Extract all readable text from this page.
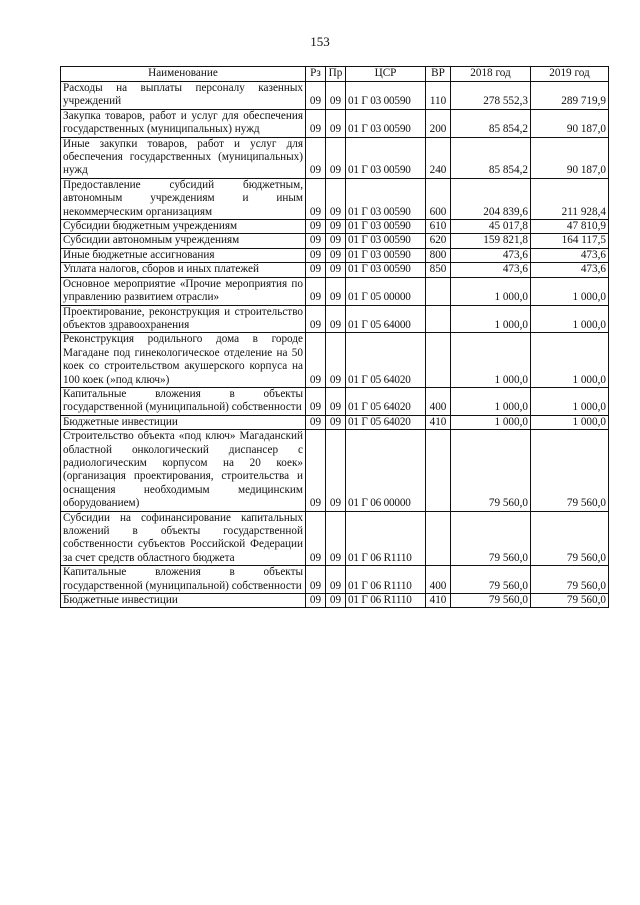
153
Наименование	Рз	Пр	ЦСР	ВР	2018 год	2019 год
Расходы на выплаты персоналу казенных учреждений	09	09	01 Г 03 00590	110	278 552,3	289 719,9
Закупка товаров, работ и услуг для обеспечения государственных (муниципальных) нужд	09	09	01 Г 03 00590	200	85 854,2	90 187,0
Иные закупки товаров, работ и услуг для обеспечения государственных (муниципальных) нужд	09	09	01 Г 03 00590	240	85 854,2	90 187,0
Предоставление субсидий бюджетным, автономным учреждениям и иным некоммерческим организациям	09	09	01 Г 03 00590	600	204 839,6	211 928,4
Субсидии бюджетным учреждениям	09	09	01 Г 03 00590	610	45 017,8	47 810,9
Субсидии автономным учреждениям	09	09	01 Г 03 00590	620	159 821,8	164 117,5
Иные бюджетные ассигнования	09	09	01 Г 03 00590	800	473,6	473,6
Уплата налогов, сборов и иных платежей	09	09	01 Г 03 00590	850	473,6	473,6
Основное мероприятие «Прочие мероприятия по управлению развитием отрасли»	09	09	01 Г 05 00000		1 000,0	1 000,0
Проектирование, реконструкция и строительство объектов здравоохранения	09	09	01 Г 05 64000		1 000,0	1 000,0
Реконструкция родильного дома в городе Магадане под гинекологическое отделение на 50 коек со строительством акушерского корпуса на 100 коек (»под ключ»)	09	09	01 Г 05 64020		1 000,0	1 000,0
Капитальные вложения в объекты государственной (муниципальной) собственности	09	09	01 Г 05 64020	400	1 000,0	1 000,0
Бюджетные инвестиции	09	09	01 Г 05 64020	410	1 000,0	1 000,0
Строительство объекта «под ключ» Магаданский областной онкологический диспансер с радиологическим корпусом на 20 коек» (организация проектирования, строительства и оснащения необходимым медицинским оборудованием)	09	09	01 Г 06 00000		79 560,0	79 560,0
Субсидии на софинансирование капитальных вложений в объекты государственной собственности субъектов Российской Федерации за счет средств областного бюджета	09	09	01 Г 06 R1110		79 560,0	79 560,0
Капитальные вложения в объекты государственной (муниципальной) собственности	09	09	01 Г 06 R1110	400	79 560,0	79 560,0
Бюджетные инвестиции	09	09	01 Г 06 R1110	410	79 560,0	79 560,0
